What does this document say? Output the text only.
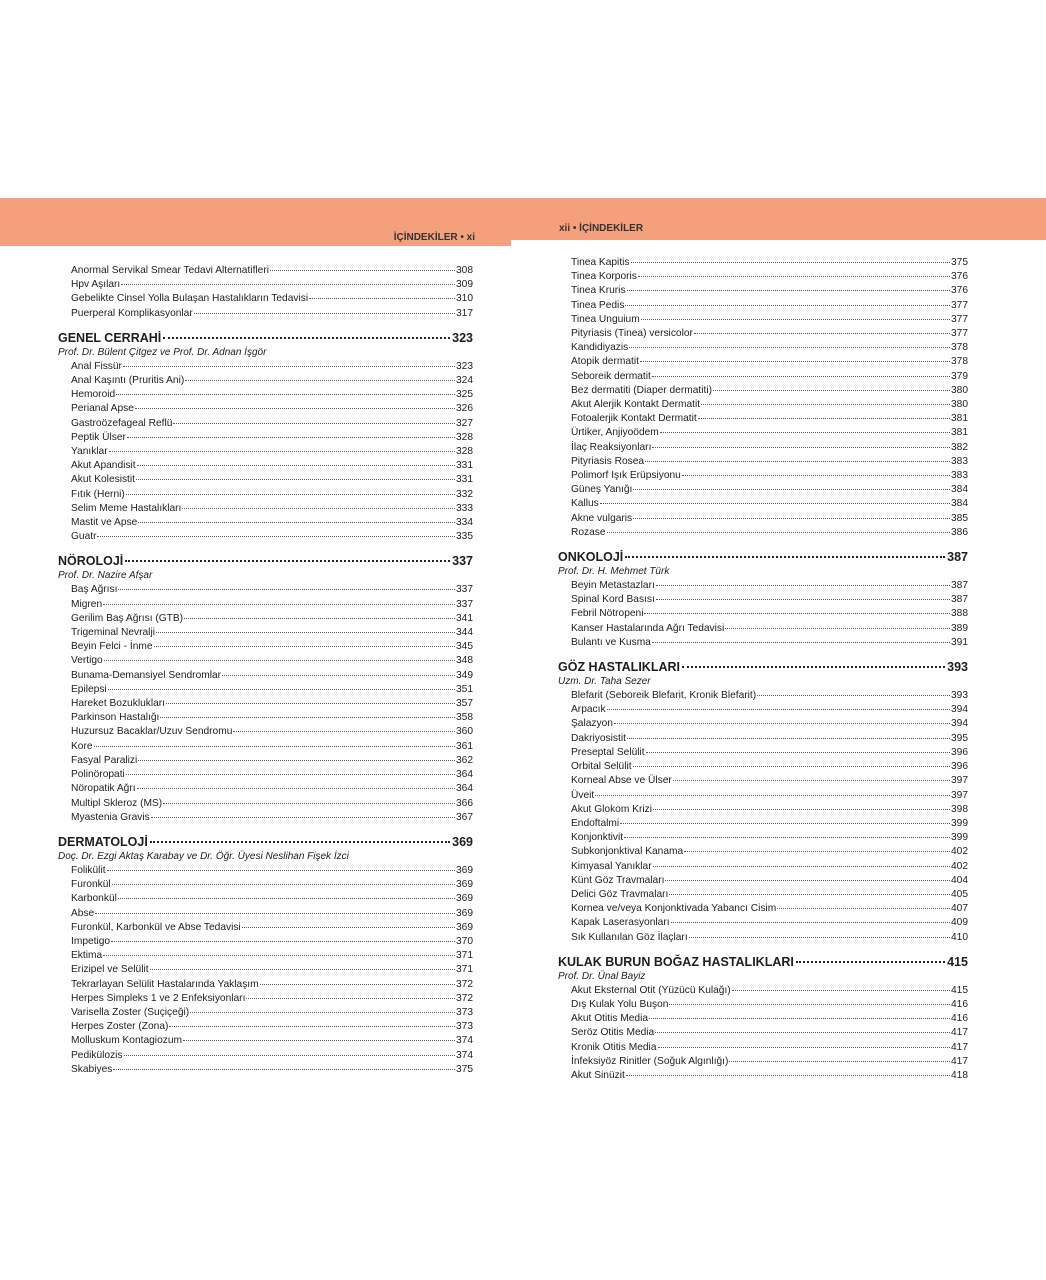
İÇİNDEKİLER • xi
xii • İÇİNDEKİLER
Anormal Servikal Smear Tedavi Alternatifleri	308
Hpv Aşıları	309
Gebelikte Cinsel Yolla Bulaşan Hastalıkların Tedavisi	310
Puerperal Komplikasyonlar	317
GENEL CERRAHİ	323
Prof. Dr. Bülent Çitgez ve Prof. Dr. Adnan İşgör
Anal Fissür	323
Anal Kaşıntı (Pruritis Ani)	324
Hemoroid	325
Perianal Apse	326
Gastroözefageal Reflü	327
Peptik Ülser	328
Yanıklar	328
Akut Apandisit	331
Akut Kolesistit	331
Fıtık (Herni)	332
Selim Meme Hastalıkları	333
Mastit ve Apse	334
Guatr	335
NÖROLOJİ	337
Prof. Dr. Nazire Afşar
Baş Ağrısı	337
Migren	337
Gerilim Baş Ağrısı (GTB)	341
Trigeminal Nevralji	344
Beyin Felci - İnme	345
Vertigo	348
Bunama-Demansiyel Sendromlar	349
Epilepsi	351
Hareket Bozuklukları	357
Parkinson Hastalığı	358
Huzursuz Bacaklar/Uzuv Sendromu	360
Kore	361
Fasyal Paralizi	362
Polinöropati	364
Nöropatik Ağrı	364
Multipl Skleroz (MS)	366
Myastenia Gravis	367
DERMATOLOJİ	369
Doç. Dr. Ezgi Aktaş Karabay ve Dr. Öğr. Üyesi Neslihan Fişek İzci
Folikülit	369
Furonkül	369
Karbonkül	369
Abse	369
Furonkül, Karbonkül ve Abse Tedavisi	369
Impetigo	370
Ektima	371
Erizipel ve Selülit	371
Tekrarlayan Selülit Hastalarında Yaklaşım	372
Herpes Simpleks 1 ve 2 Enfeksiyonları	372
Varisella Zoster (Suçiçeği)	373
Herpes Zoster (Zona)	373
Molluskum Kontagiozum	374
Pedikülozis	374
Skabiyes	375
Tinea Kapitis	375
Tinea Korporis	376
Tinea Kruris	376
Tinea Pedis	377
Tinea Unguium	377
Pityriasis (Tinea) versicolor	377
Kandidiyazis	378
Atopik dermatit	378
Seboreik dermatit	379
Bez dermatiti (Diaper dermatiti)	380
Akut Alerjik Kontakt Dermatit	380
Fotoalerjik Kontakt Dermatit	381
Ürtiker, Anjiyoödem	381
İlaç Reaksiyonları	382
Pityriasis Rosea	383
Polimorf Işık Erüpsiyonu	383
Güneş Yanığı	384
Kallus	384
Akne vulgaris	385
Rozase	386
ONKOLOJİ	387
Prof. Dr. H. Mehmet Türk
Beyin Metastazları	387
Spinal Kord Basısı	387
Febril Nötropeni	388
Kanser Hastalarında Ağrı Tedavisi	389
Bulantı ve Kusma	391
GÖZ HASTALIKLARI	393
Uzm. Dr. Taha Sezer
Blefarit (Seboreik Blefarit, Kronik Blefarit)	393
Arpacık	394
Şalazyon	394
Dakriyosistit	395
Preseptal Selülit	396
Orbital Selülit	396
Korneal Abse ve Ülser	397
Üveit	397
Akut Glokom Krizi	398
Endoftalmi	399
Konjonktivit	399
Subkonjonktival Kanama	402
Kimyasal Yanıklar	402
Künt Göz Travmaları	404
Delici Göz Travmaları	405
Kornea ve/veya Konjonktivada Yabancı Cisim	407
Kapak Laserasyonları	409
Sık Kullanılan Göz İlaçları	410
KULAK BURUN BOĞAZ HASTALIKLARI	415
Prof. Dr. Ünal Bayiz
Akut Eksternal Otit (Yüzücü Kulağı)	415
Dış Kulak Yolu Buşon	416
Akut Otitis Media	416
Seröz Otitis Media	417
Kronik Otitis Media	417
İnfeksiyöz Rinitler (Soğuk Algınlığı)	417
Akut Sinüzit	418
